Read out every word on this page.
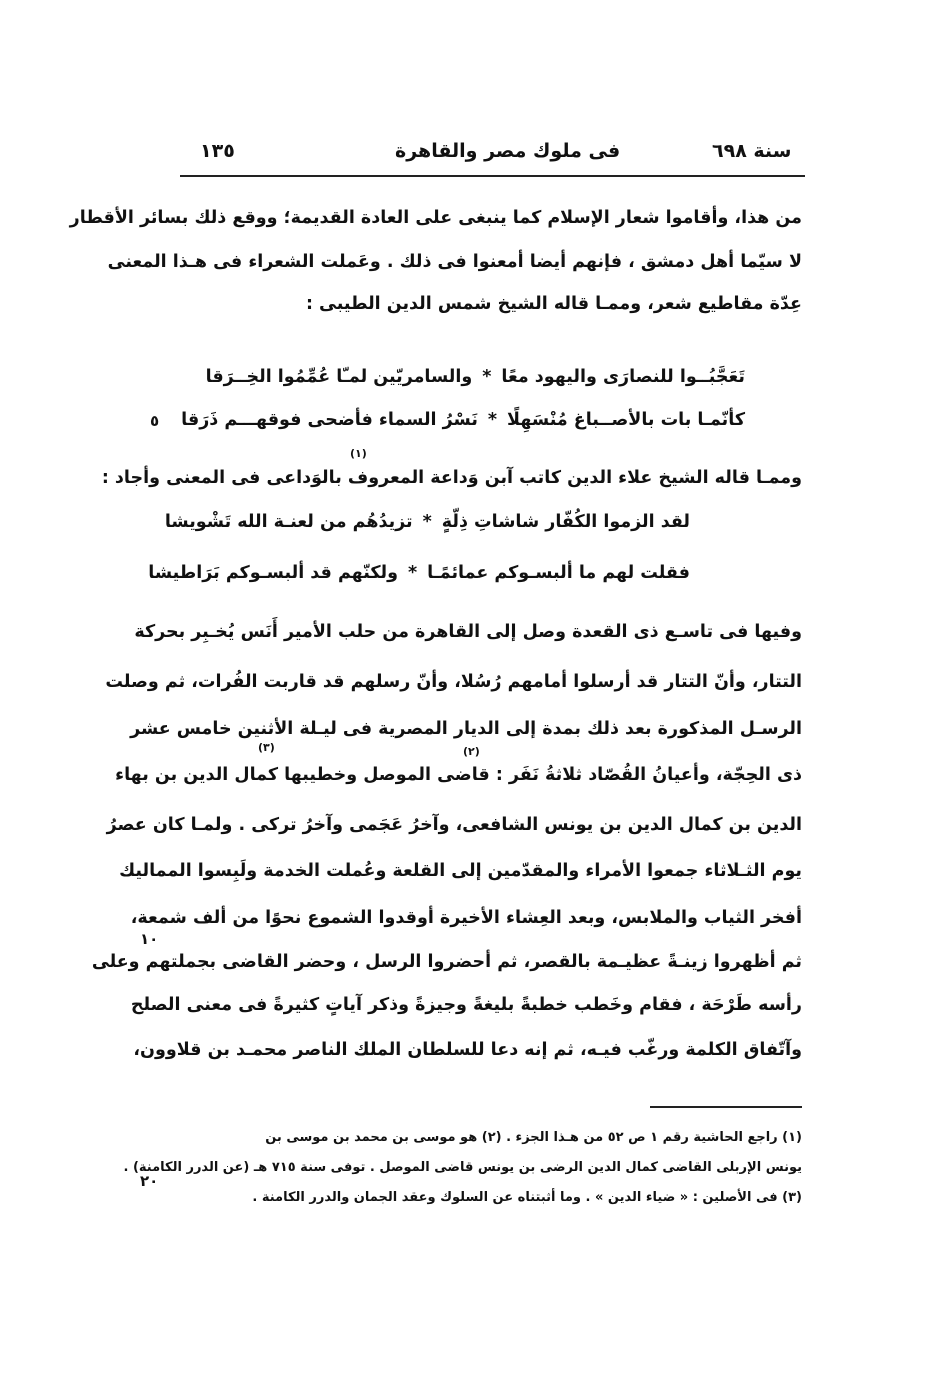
١٣٥	فى ملوك مصر والقاهرة	سنة ٦٩٨
من هذا، وأقاموا شعار الإسلام كما ينبغى على العادة القديمة؛ ووقع ذلك بسائر الأقطار
لا سيّما أهل دمشق ، فإنهم أيضا أمعنوا فى ذلك . وعَملت الشعراء فى هـذا المعنى
عِدّة مقاطيع شعر، وممـا قاله الشيخ شمس الدين الطيبى :
تَعَجَّبُــوا للنصارَى واليهود معًا*والسامريّين لمـّا عُمِّمُوا الخِــرَقا
كأنّمـا بات بالأصــباغ مُنْسَهِلًا*نَسْرُ السماء فأضحى فوقهـــم ذَرَقا
(١)
وممـا قاله الشيخ علاء الدين كاتب آبن وَداعة المعروف بالوَداعى فى المعنى وأجاد :
لقد الزموا الكُفّار شاشاتِ ذِلّةٍ*تزيدُهُم من لعنـة الله تَشْويشا
فقلت لهم ما ألبسـوكم عمائمًـا*ولكنّهم قد ألبسـوكم بَرَاطيشا
وفيها فى تاسـع ذى القعدة وصل إلى القاهرة من حلب الأمير أَنَس يُخـبِر بحركة
التتار، وأنّ التتار قد أرسلوا أمامهم رُسُلا، وأنّ رسلهم قد قاربت الفُرات، ثم وصلت
الرسـل المذكورة بعد ذلك بمدة إلى الديار المصرية فى ليـلة الأثنين خامس عشر
(٢)
(٣)
ذى الحِجّة، وأعيانُ القُصّاد ثلاثةُ نَفَر : قاضى الموصل وخطيبها كمال الدين بن بهاء
الدين بن كمال الدين بن يونس الشافعى، وآخرُ عَجَمى وآخرُ تركى . ولمـا كان عصرُ
يوم الثـلاثاء جمعوا الأمراء والمقدّمين إلى القلعة وعُملت الخدمة ولَبِسوا المماليك
أفخر الثياب والملابس، وبعد العِشاء الأخيرة أوقدوا الشموع نحوًا من ألف شمعة،
ثم أظهروا زينـةً عظيـمة بالقصر، ثم أحضروا الرسل ، وحضر القاضى بجملتهم وعلى
رأسه طَرْحَة ، فقام وخَطب خطبةً بليغةً وجيزةً وذكر آياتٍ كثيرةً فى معنى الصلح
وآتّفاق الكلمة ورغّب فيـه، ثم إنه دعا للسلطان الملك الناصر محمـد بن قلاوون،
٥
١٠
٢٠
(١) راجع الحاشية رقم ١ ص ٥٢ من هـذا الجزء . (٢) هو موسى بن محمد بن موسى بن
يونس الإربلى القاضى كمال الدين الرضى بن يونس قاضى الموصل . توفى سنة ٧١٥ هـ (عن الدرر الكامنة) .
(٣) فى الأصلين : « ضياء الدين » . وما أثبتناه عن السلوك وعقد الجمان والدرر الكامنة .
